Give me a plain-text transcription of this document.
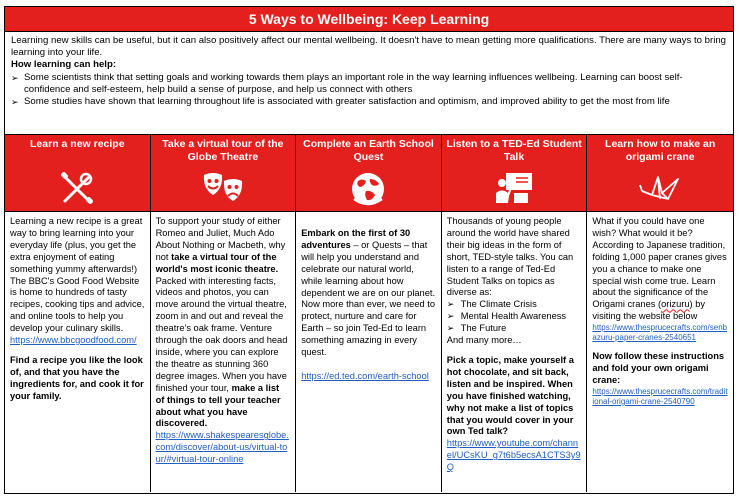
5 Ways to Wellbeing: Keep Learning

Learning new skills can be useful, but it can also positively affect our mental wellbeing. It doesn't have to mean getting more qualifications. There are many ways to bring learning into your life.

How learning can help:

➢ Some scientists think that setting goals and working towards them plays an important role in the way learning influences wellbeing. Learning can boost self-confidence and self-esteem, help build a sense of purpose, and help us connect with others
➢ Some studies have shown that learning throughout life is associated with greater satisfaction and optimism, and improved ability to get the most from life
Learn a new recipe

Learning a new recipe is a great way to bring learning into your everyday life (plus, you get the extra enjoyment of eating something yummy afterwards!) The BBC's Good Food Website is home to hundreds of tasty recipes, cooking tips and advice, and online tools to help you develop your culinary skills.

https://www.bbcgoodfood.com/

Find a recipe you like the look of, and that you have the ingredients for, and cook it for your family.

Take a virtual tour of the Globe Theatre

To support your study of either Romeo and Juliet, Much Ado About Nothing or Macbeth, why not take a virtual tour of the world's most iconic theatre. Packed with interesting facts, videos and photos, you can move around the virtual theatre, zoom in and out and reveal the theatre's oak frame. Venture through the oak doors and head inside, where you can explore the theatre as stunning 360 degree images. When you have finished your tour, make a list of things to tell your teacher about what you have discovered.
https://www.shakespearesglobe.com/discover/about-us/virtual-tour/#virtual-tour-online

Complete an Earth School Quest

Embark on the first of 30 adventures – or Quests – that will help you understand and celebrate our natural world, while learning about how dependent we are on our planet. Now more than ever, we need to protect, nurture and care for Earth – so join Ted-Ed to learn something amazing in every quest.

https://ed.ted.com/earth-school

Listen to a TED-Ed Student Talk

Thousands of young people around the world have shared their big ideas in the form of short, TED-style talks. You can listen to a range of Ted-Ed Student Talks on topics as diverse as:

➢ The Climate Crisis
➢ Mental Health Awareness
➢ The Future

And many more…

Pick a topic, make yourself a hot chocolate, and sit back, listen and be inspired. When you have finished watching, why not make a list of topics that you would cover in your own Ted talk?

https://www.youtube.com/channel/UCsKU_g7t6b5ecsA1CTS3y9Q

Learn how to make an origami crane

What if you could have one wish? What would it be? According to Japanese tradition, folding 1,000 paper cranes gives you a chance to make one special wish come true. Learn about the significance of the Origami cranes (orizuru) by visiting the website below

https://www.thesprucecrafts.com/senbazuru-paper-cranes-2540651

Now follow these instructions and fold your own origami crane:

https://www.thesprucecrafts.com/traditional-origami-crane-2540790
